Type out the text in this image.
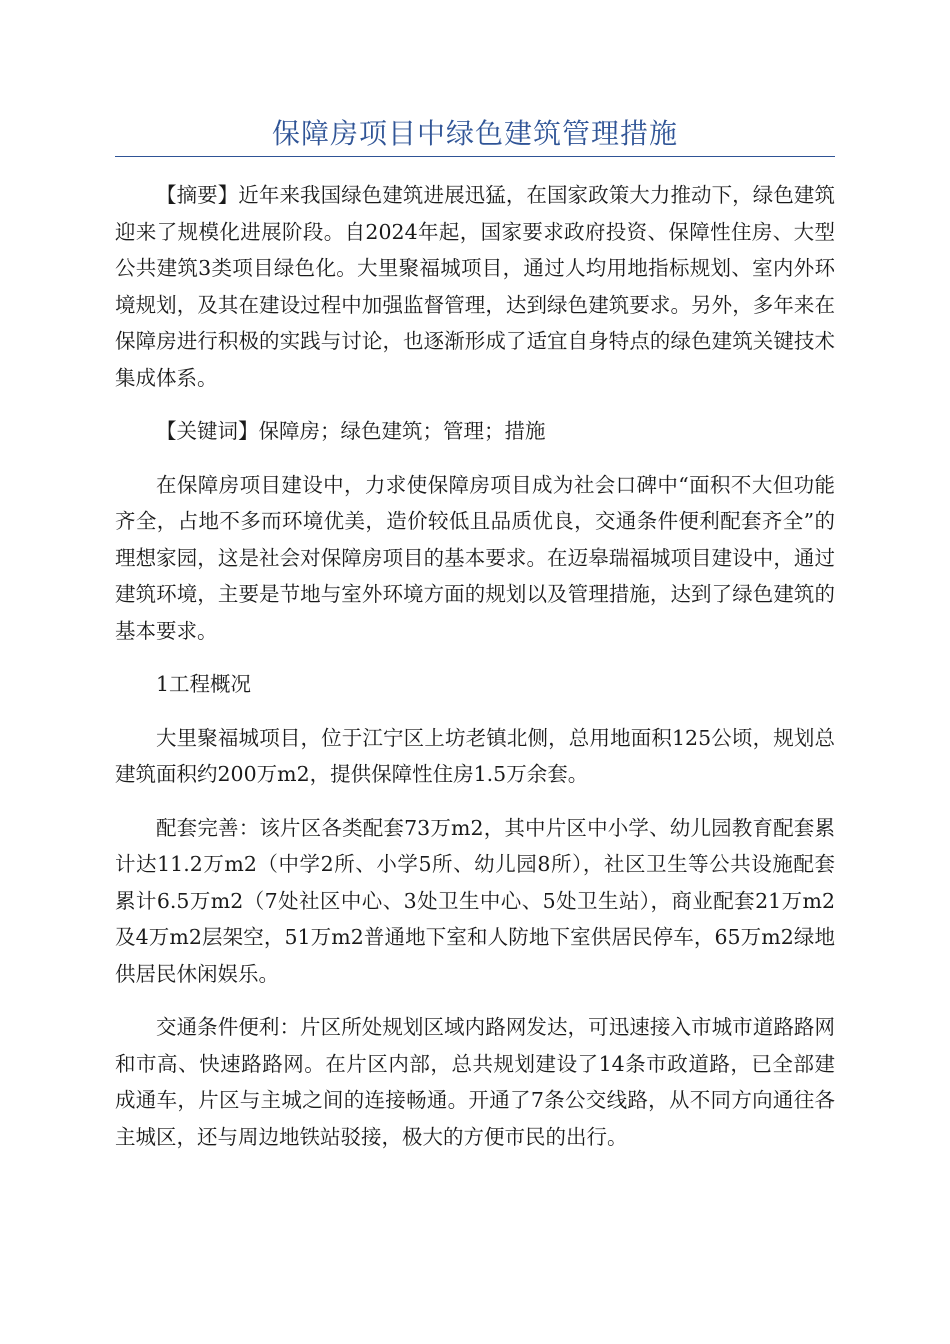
保障房项目中绿色建筑管理措施

【摘要】近年来我国绿色建筑进展迅猛，在国家政策大力推动下，绿色建筑迎来了规模化进展阶段。自2024年起，国家要求政府投资、保障性住房、大型公共建筑3类项目绿色化。大里聚福城项目，通过人均用地指标规划、室内外环境规划，及其在建设过程中加强监督管理，达到绿色建筑要求。另外，多年来在保障房进行积极的实践与讨论，也逐渐形成了适宜自身特点的绿色建筑关键技术集成体系。

【关键词】保障房；绿色建筑；管理；措施

在保障房项目建设中，力求使保障房项目成为社会口碑中“面积不大但功能齐全，占地不多而环境优美，造价较低且品质优良，交通条件便利配套齐全”的理想家园，这是社会对保障房项目的基本要求。在迈皋瑞福城项目建设中，通过建筑环境，主要是节地与室外环境方面的规划以及管理措施，达到了绿色建筑的基本要求。

1工程概况

大里聚福城项目，位于江宁区上坊老镇北侧，总用地面积125公顷，规划总建筑面积约200万m2，提供保障性住房1.5万余套。

配套完善：该片区各类配套73万m2，其中片区中小学、幼儿园教育配套累计达11.2万m2（中学2所、小学5所、幼儿园8所），社区卫生等公共设施配套累计6.5万m2（7处社区中心、3处卫生中心、5处卫生站），商业配套21万m2及4万m2层架空，51万m2普通地下室和人防地下室供居民停车，65万m2绿地供居民休闲娱乐。

交通条件便利：片区所处规划区域内路网发达，可迅速接入市城市道路路网和市高、快速路路网。在片区内部，总共规划建设了14条市政道路，已全部建成通车，片区与主城之间的连接畅通。开通了7条公交线路，从不同方向通往各主城区，还与周边地铁站驳接，极大的方便市民的出行。
